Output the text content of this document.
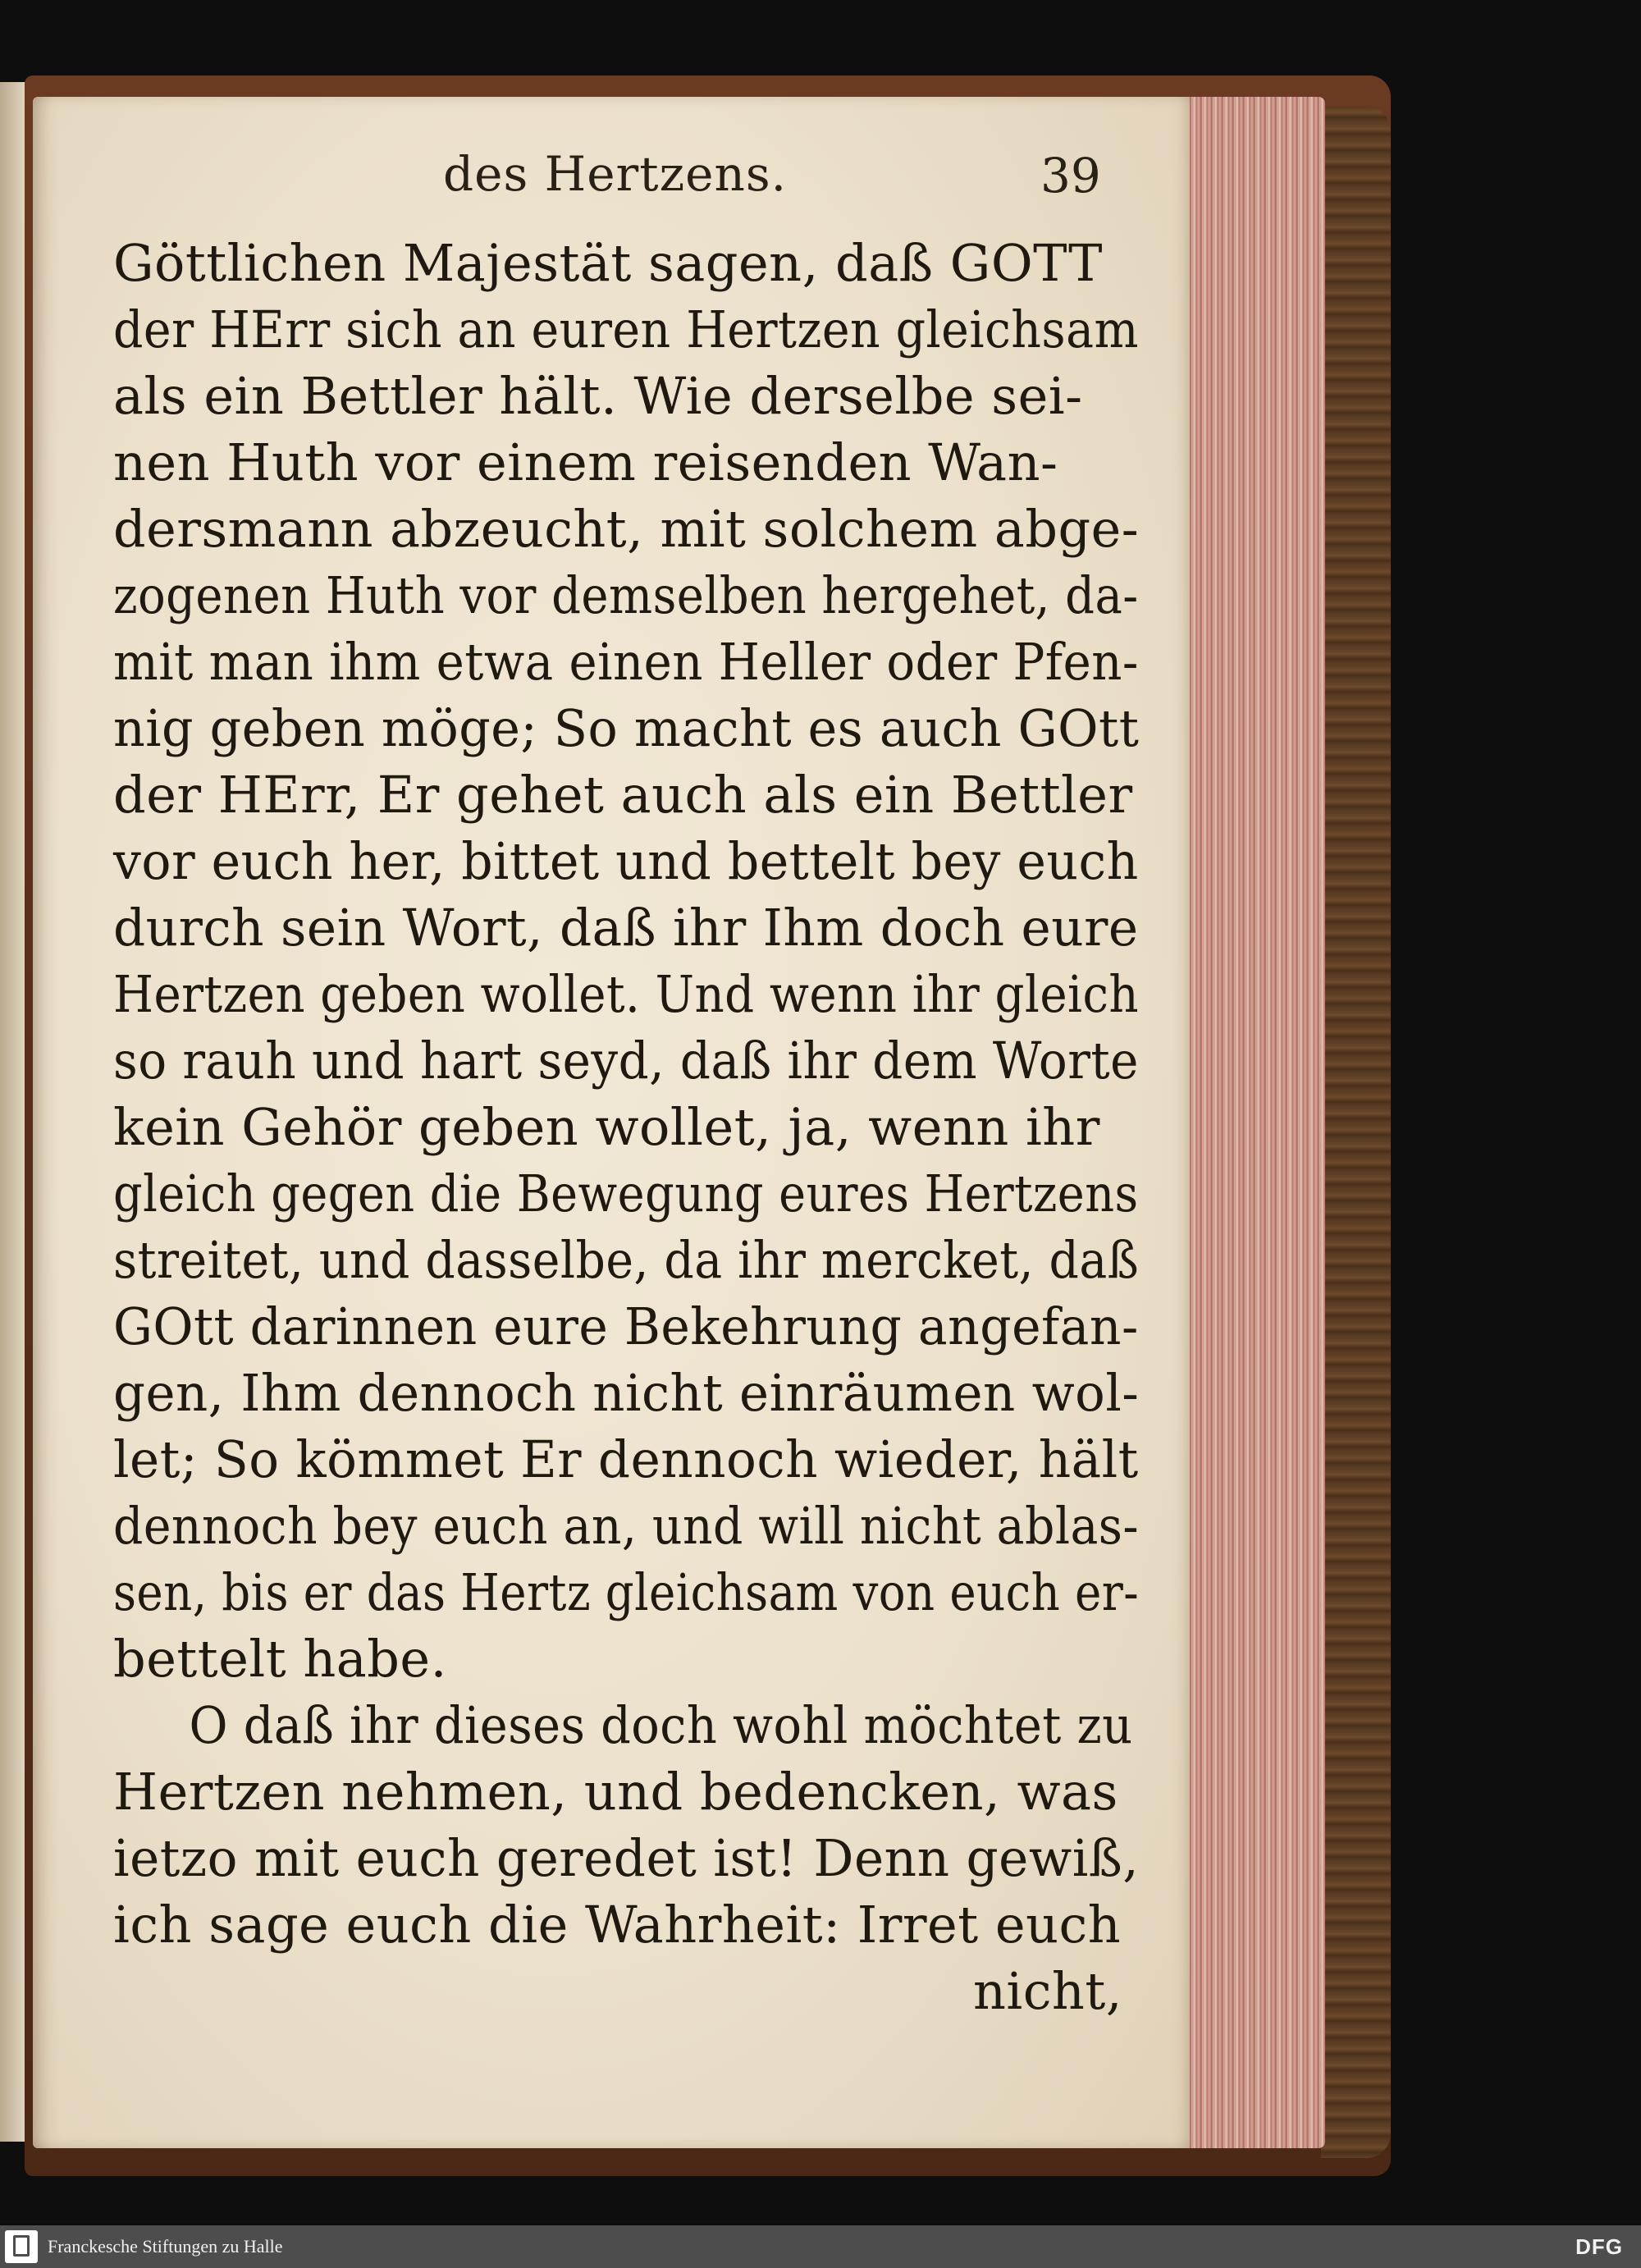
des Hertzens.	39
Göttlichen Majestät sagen, daß GOTT
der HErr sich an euren Hertzen gleichsam
als ein Bettler hält. Wie derselbe sei-
nen Huth vor einem reisenden Wan-
dersmann abzeucht, mit solchem abge-
zogenen Huth vor demselben hergehet, da-
mit man ihm etwa einen Heller oder Pfen-
nig geben möge; So macht es auch GOtt
der HErr, Er gehet auch als ein Bettler
vor euch her, bittet und bettelt bey euch
durch sein Wort, daß ihr Ihm doch eure
Hertzen geben wollet. Und wenn ihr gleich
so rauh und hart seyd, daß ihr dem Worte
kein Gehör geben wollet, ja, wenn ihr
gleich gegen die Bewegung eures Hertzens
streitet, und dasselbe, da ihr mercket, daß
GOtt darinnen eure Bekehrung angefan-
gen, Ihm dennoch nicht einräumen wol-
let; So kömmet Er dennoch wieder, hält
dennoch bey euch an, und will nicht ablas-
sen, bis er das Hertz gleichsam von euch er-
bettelt habe.
O daß ihr dieses doch wohl möchtet zu
Hertzen nehmen, und bedencken, was
ietzo mit euch geredet ist! Denn gewiß,
ich sage euch die Wahrheit: Irret euch
nicht,
Franckesche Stiftungen zu Halle	DFG
